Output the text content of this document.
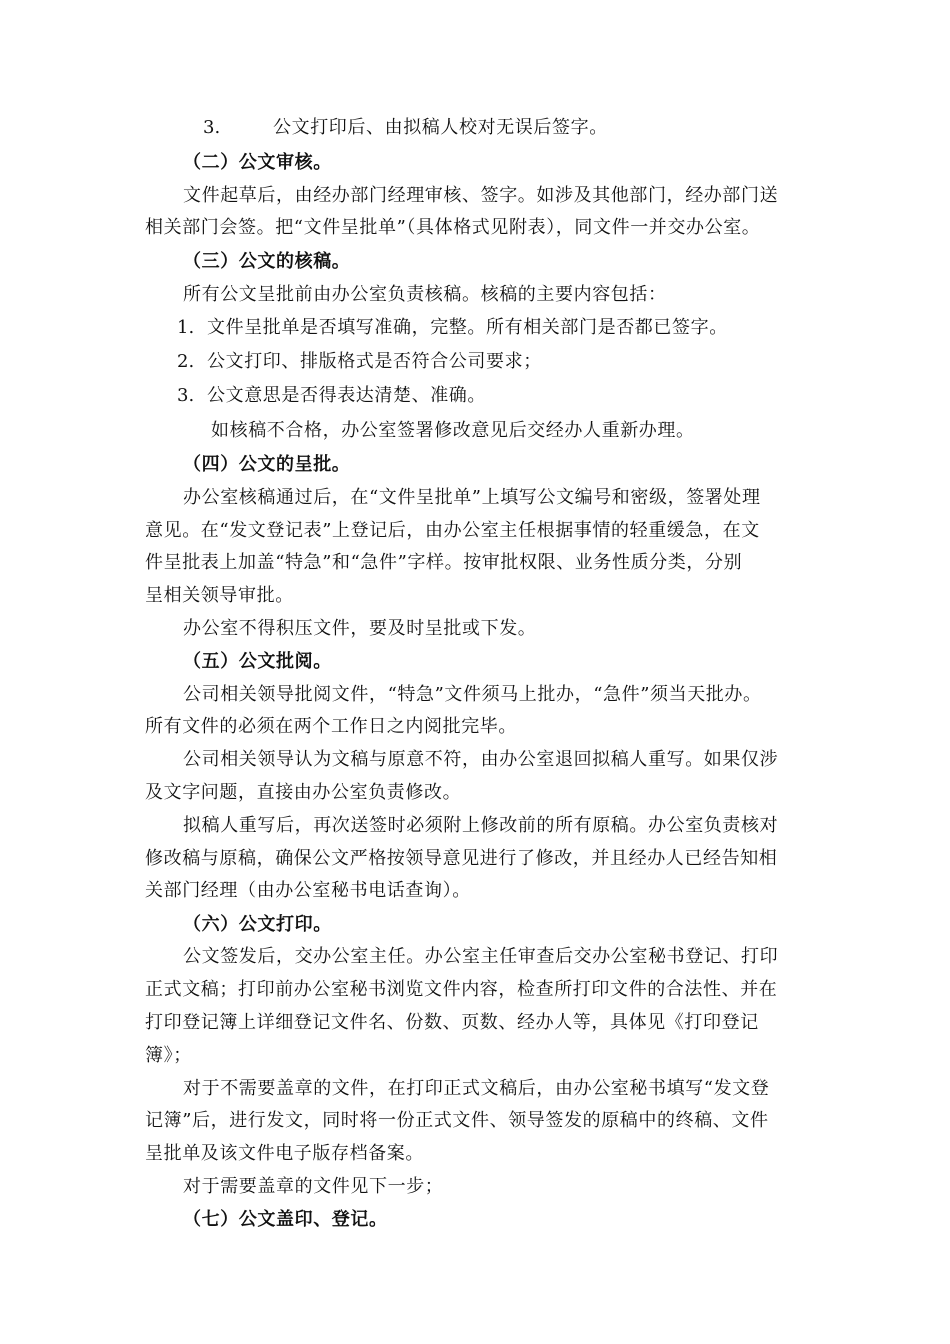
3.	公文打印后、由拟稿人校对无误后签字。
（二）公文审核。
文件起草后，由经办部门经理审核、签字。如涉及其他部门，经办部门送
相关部门会签。把“文件呈批单”（具体格式见附表），同文件一并交办公室。
（三）公文的核稿。
所有公文呈批前由办公室负责核稿。核稿的主要内容包括：
1. 文件呈批单是否填写准确，完整。所有相关部门是否都已签字。
2. 公文打印、排版格式是否符合公司要求；
3. 公文意思是否得表达清楚、准确。
如核稿不合格，办公室签署修改意见后交经办人重新办理。
（四）公文的呈批。
办公室核稿通过后，在“文件呈批单”上填写公文编号和密级，签署处理
意见。在“发文登记表”上登记后，由办公室主任根据事情的轻重缓急，在文
件呈批表上加盖“特急”和“急件”字样。按审批权限、业务性质分类，分别
呈相关领导审批。
办公室不得积压文件，要及时呈批或下发。
（五）公文批阅。
公司相关领导批阅文件，“特急”文件须马上批办，“急件”须当天批办。
所有文件的必须在两个工作日之内阅批完毕。
公司相关领导认为文稿与原意不符，由办公室退回拟稿人重写。如果仅涉
及文字问题，直接由办公室负责修改。
拟稿人重写后，再次送签时必须附上修改前的所有原稿。办公室负责核对
修改稿与原稿，确保公文严格按领导意见进行了修改，并且经办人已经告知相
关部门经理（由办公室秘书电话查询）。
（六）公文打印。
公文签发后，交办公室主任。办公室主任审查后交办公室秘书登记、打印
正式文稿；打印前办公室秘书浏览文件内容，检查所打印文件的合法性、并在
打印登记簿上详细登记文件名、份数、页数、经办人等，具体见《打印登记
簿》；
对于不需要盖章的文件，在打印正式文稿后，由办公室秘书填写“发文登
记簿”后，进行发文，同时将一份正式文件、领导签发的原稿中的终稿、文件
呈批单及该文件电子版存档备案。
对于需要盖章的文件见下一步；
（七）公文盖印、登记。
